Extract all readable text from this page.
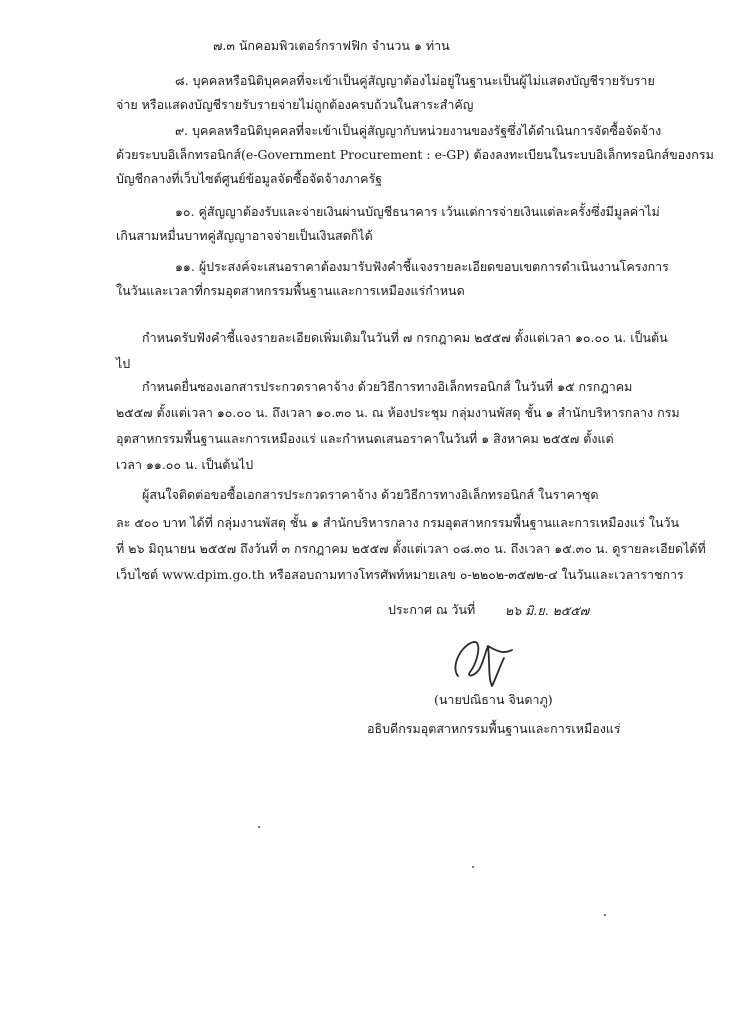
๗.๓ นักคอมพิวเตอร์กราฟฟิก จำนวน ๑ ท่าน
๘. บุคคลหรือนิติบุคคลที่จะเข้าเป็นคู่สัญญาต้องไม่อยู่ในฐานะเป็นผู้ไม่แสดงบัญชีรายรับราย
จ่าย หรือแสดงบัญชีรายรับรายจ่ายไม่ถูกต้องครบถ้วนในสาระสำคัญ
๙. บุคคลหรือนิติบุคคลที่จะเข้าเป็นคู่สัญญากับหน่วยงานของรัฐซึ่งได้ดำเนินการจัดซื้อจัดจ้าง
ด้วยระบบอิเล็กทรอนิกส์(e-Government Procurement : e-GP) ต้องลงทะเบียนในระบบอิเล็กทรอนิกส์ของกรม
บัญชีกลางที่เว็บไซต์ศูนย์ข้อมูลจัดซื้อจัดจ้างภาครัฐ
๑๐. คู่สัญญาต้องรับและจ่ายเงินผ่านบัญชีธนาคาร เว้นแต่การจ่ายเงินแต่ละครั้งซึ่งมีมูลค่าไม่
เกินสามหมื่นบาทคู่สัญญาอาจจ่ายเป็นเงินสดก็ได้
๑๑. ผู้ประสงค์จะเสนอราคาต้องมารับฟังคำชี้แจงรายละเอียดขอบเขตการดำเนินงานโครงการ
ในวันและเวลาที่กรมอุตสาหกรรมพื้นฐานและการเหมืองแร่กำหนด
กำหนดรับฟังคำชี้แจงรายละเอียดเพิ่มเติมในวันที่ ๗ กรกฎาคม ๒๕๕๗ ตั้งแต่เวลา ๑๐.๐๐ น. เป็นต้น
ไป
กำหนดยื่นซองเอกสารประกวดราคาจ้าง ด้วยวิธีการทางอิเล็กทรอนิกส์ ในวันที่ ๑๕ กรกฎาคม
๒๕๕๗ ตั้งแต่เวลา ๑๐.๐๐ น. ถึงเวลา ๑๐.๓๐ น. ณ ห้องประชุม กลุ่มงานพัสดุ ชั้น ๑ สำนักบริหารกลาง กรม
อุตสาหกรรมพื้นฐานและการเหมืองแร่ และกำหนดเสนอราคาในวันที่ ๑ สิงหาคม ๒๕๕๗ ตั้งแต่
เวลา ๑๑.๐๐ น. เป็นต้นไป
ผู้สนใจติดต่อขอซื้อเอกสารประกวดราคาจ้าง ด้วยวิธีการทางอิเล็กทรอนิกส์ ในราคาชุด
ละ ๕๐๐ บาท ได้ที่ กลุ่มงานพัสดุ ชั้น ๑ สำนักบริหารกลาง กรมอุตสาหกรรมพื้นฐานและการเหมืองแร่ ในวัน
ที่ ๒๖ มิถุนายน ๒๕๕๗ ถึงวันที่ ๓ กรกฎาคม ๒๕๕๗ ตั้งแต่เวลา ๐๘.๓๐ น. ถึงเวลา ๑๕.๓๐ น. ดูรายละเอียดได้ที่
เว็บไซต์ www.dpim.go.th หรือสอบถามทางโทรศัพท์หมายเลข ๐-๒๒๐๒-๓๕๗๒-๔ ในวันและเวลาราชการ
ประกาศ ณ วันที่ ๒๖ มิ.ย. ๒๕๕๗
(นายปณิธาน จินดาภู)
อธิบดีกรมอุตสาหกรรมพื้นฐานและการเหมืองแร่
